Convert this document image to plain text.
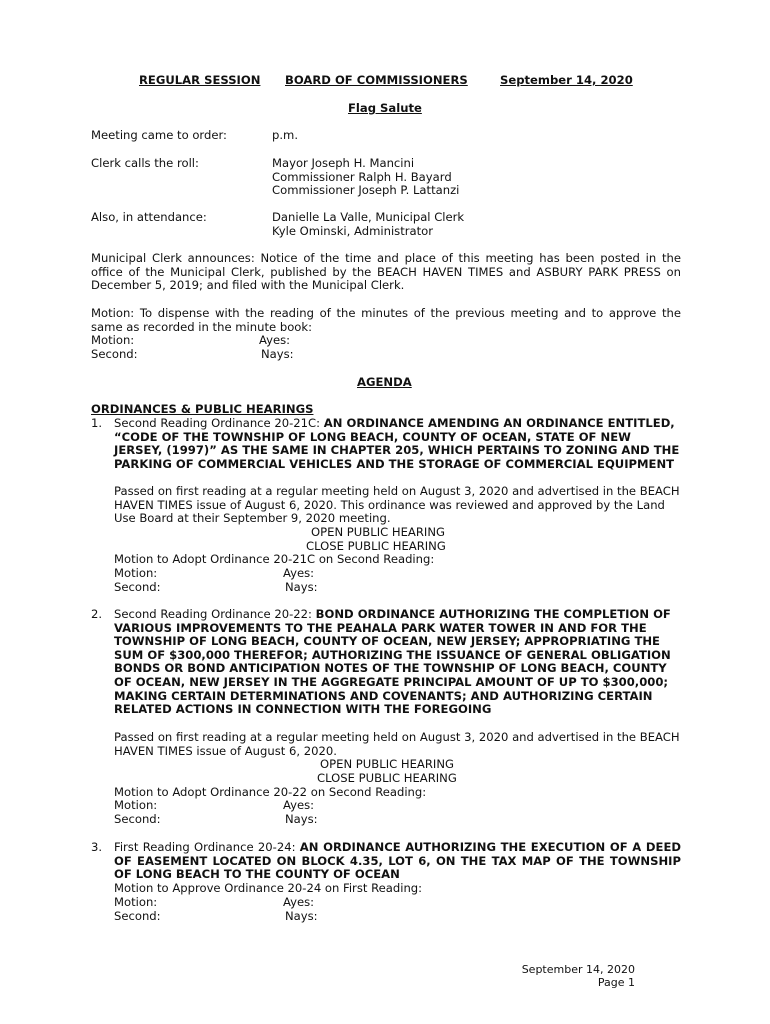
REGULAR SESSION BOARD OF COMMISSIONERS	September 14, 2020
Flag Salute
Meeting came to order:	p.m.
Clerk calls the roll:	Mayor Joseph H. Mancini
Commissioner Ralph H. Bayard
Commissioner Joseph P. Lattanzi
Also, in attendance:	Danielle La Valle, Municipal Clerk
Kyle Ominski, Administrator
Municipal Clerk announces: Notice of the time and place of this meeting has been posted in the office of the Municipal Clerk, published by the BEACH HAVEN TIMES and ASBURY PARK PRESS on December 5, 2019; and filed with the Municipal Clerk.
Motion: To dispense with the reading of the minutes of the previous meeting and to approve the same as recorded in the minute book:
Motion:	Ayes:
Second:	Nays:
AGENDA
ORDINANCES & PUBLIC HEARINGS
1. Second Reading Ordinance 20-21C: AN ORDINANCE AMENDING AN ORDINANCE ENTITLED, “CODE OF THE TOWNSHIP OF LONG BEACH, COUNTY OF OCEAN, STATE OF NEW JERSEY, (1997)” AS THE SAME IN CHAPTER 205, WHICH PERTAINS TO ZONING AND THE PARKING OF COMMERCIAL VEHICLES AND THE STORAGE OF COMMERCIAL EQUIPMENT
Passed on first reading at a regular meeting held on August 3, 2020 and advertised in the BEACH HAVEN TIMES issue of August 6, 2020. This ordinance was reviewed and approved by the Land Use Board at their September 9, 2020 meeting.
OPEN PUBLIC HEARING
CLOSE PUBLIC HEARING
Motion to Adopt Ordinance 20-21C on Second Reading:
Motion:	Ayes:
Second:	Nays:
2. Second Reading Ordinance 20-22: BOND ORDINANCE AUTHORIZING THE COMPLETION OF VARIOUS IMPROVEMENTS TO THE PEAHALA PARK WATER TOWER IN AND FOR THE TOWNSHIP OF LONG BEACH, COUNTY OF OCEAN, NEW JERSEY; APPROPRIATING THE SUM OF $300,000 THEREFOR; AUTHORIZING THE ISSUANCE OF GENERAL OBLIGATION BONDS OR BOND ANTICIPATION NOTES OF THE TOWNSHIP OF LONG BEACH, COUNTY OF OCEAN, NEW JERSEY IN THE AGGREGATE PRINCIPAL AMOUNT OF UP TO $300,000; MAKING CERTAIN DETERMINATIONS AND COVENANTS; AND AUTHORIZING CERTAIN RELATED ACTIONS IN CONNECTION WITH THE FOREGOING
Passed on first reading at a regular meeting held on August 3, 2020 and advertised in the BEACH HAVEN TIMES issue of August 6, 2020.
OPEN PUBLIC HEARING
CLOSE PUBLIC HEARING
Motion to Adopt Ordinance 20-22 on Second Reading:
Motion:	Ayes:
Second:	Nays:
3. First Reading Ordinance 20-24: AN ORDINANCE AUTHORIZING THE EXECUTION OF A DEED OF EASEMENT LOCATED ON BLOCK 4.35, LOT 6, ON THE TAX MAP OF THE TOWNSHIP OF LONG BEACH TO THE COUNTY OF OCEAN
Motion to Approve Ordinance 20-24 on First Reading:
Motion:	Ayes:
Second:	Nays:
September 14, 2020
Page 1
